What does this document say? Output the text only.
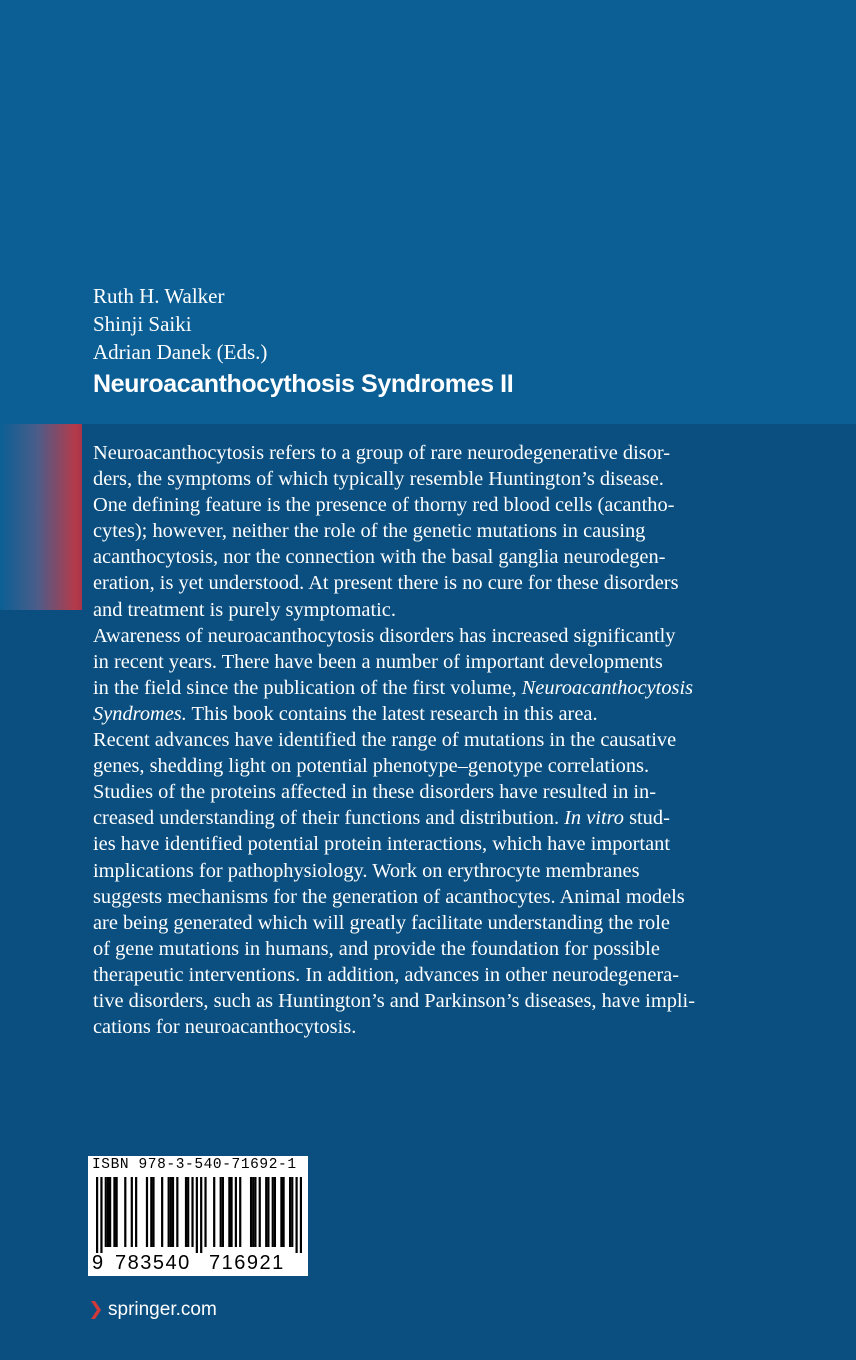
Ruth H. Walker
Shinji Saiki
Adrian Danek (Eds.)
Neuroacanthocythosis Syndromes II
Neuroacanthocytosis refers to a group of rare neurodegenerative disor-
ders, the symptoms of which typically resemble Huntington’s disease.
One defining feature is the presence of thorny red blood cells (acantho-
cytes); however, neither the role of the genetic mutations in causing
acanthocytosis, nor the connection with the basal ganglia neurodegen-
eration, is yet understood. At present there is no cure for these disorders
and treatment is purely symptomatic.
Awareness of neuroacanthocytosis disorders has increased significantly
in recent years. There have been a number of important developments
in the field since the publication of the first volume, Neuroacanthocytosis
Syndromes. This book contains the latest research in this area.
Recent advances have identified the range of mutations in the causative
genes, shedding light on potential phenotype–genotype correlations.
Studies of the proteins affected in these disorders have resulted in in-
creased understanding of their functions and distribution. In vitro stud-
ies have identified potential protein interactions, which have important
implications for pathophysiology. Work on erythrocyte membranes
suggests mechanisms for the generation of acanthocytes. Animal models
are being generated which will greatly facilitate understanding the role
of gene mutations in humans, and provide the foundation for possible
therapeutic interventions. In addition, advances in other neurodegenera-
tive disorders, such as Huntington’s and Parkinson’s diseases, have impli-
cations for neuroacanthocytosis.
ISBN 978-3-540-71692-1
9 783540 716921
springer.com
